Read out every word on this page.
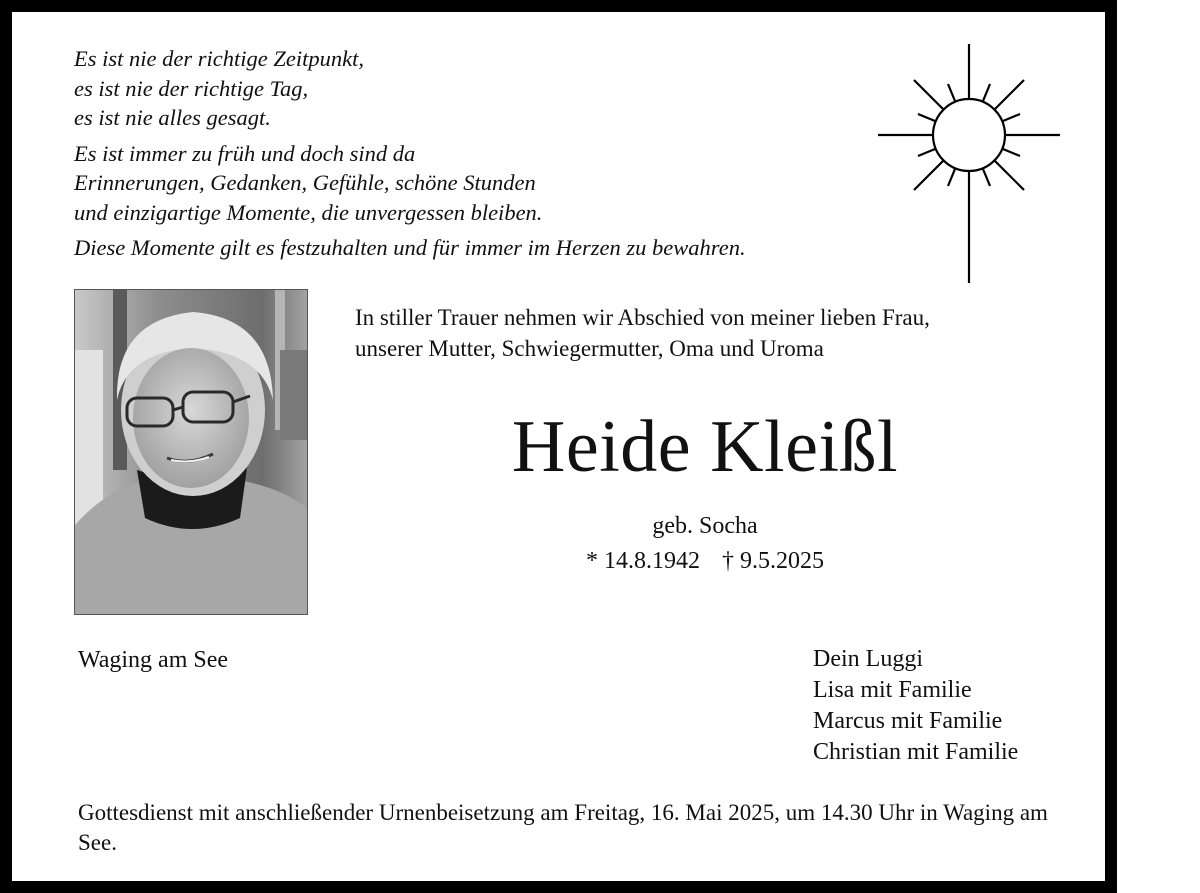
Es ist nie der richtige Zeitpunkt,
es ist nie der richtige Tag,
es ist nie alles gesagt.
Es ist immer zu früh und doch sind da
Erinnerungen, Gedanken, Gefühle, schöne Stunden
und einzigartige Momente, die unvergessen bleiben.
Diese Momente gilt es festzuhalten und für immer im Herzen zu bewahren.
In stiller Trauer nehmen wir Abschied von meiner lieben Frau,
unserer Mutter, Schwiegermutter, Oma und Uroma
Heide Kleißl
geb. Socha
* 14.8.1942 † 9.5.2025
Waging am See	Dein Luggi
Lisa mit Familie
Marcus mit Familie
Christian mit Familie
Gottesdienst mit anschließender Urnenbeisetzung am Freitag, 16. Mai 2025, um 14.30 Uhr in Waging am See.
